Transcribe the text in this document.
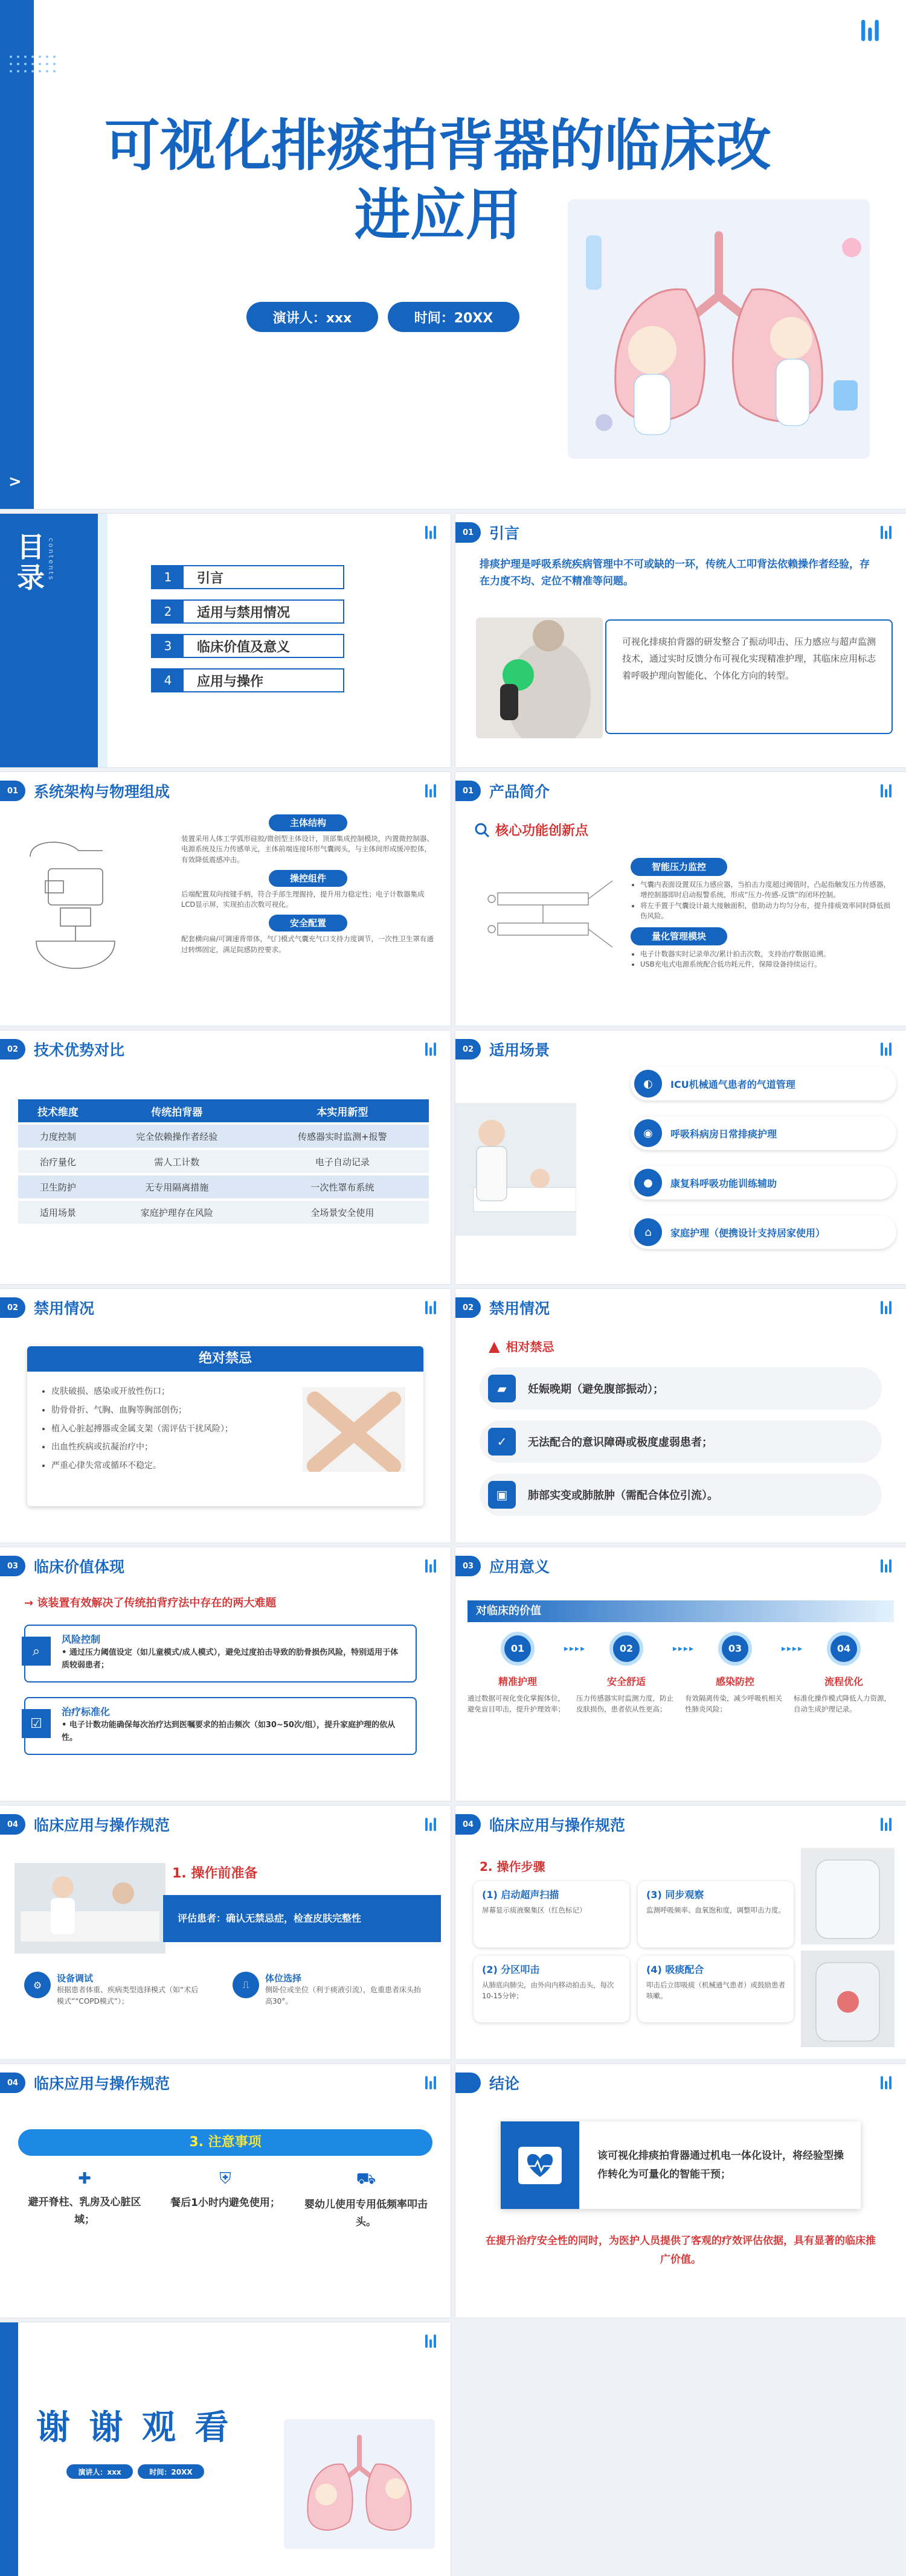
>
可视化排痰拍背器的临床改
进应用
演讲人：xxx	时间：20XX
目录 contents	1	引言
2	适用与禁用情况
3	临床价值及意义
4	应用与操作
01	引言
排痰护理是呼吸系统疾病管理中不可或缺的一环，传统人工叩背法依赖操作者经验，存在力度不均、定位不精准等问题。
可视化排痰拍背器的研发整合了振动叩击、压力感应与超声监测技术，通过实时反馈分布可视化实现精准护理，其临床应用标志着呼吸护理向智能化、个体化方向的转型。
01	系统架构与物理组成
主体结构
装置采用人体工学弧形硅胶/微创型主体设计，顶部集成控制模块，内置微控制器、电源系统及压力传感单元，主体前端连接环形气囊阀头，与主体间形成缓冲腔体，有效降低震感冲击。
操控组件
后端配置双向按键手柄，符合手部生理握持，提升用力稳定性；电子计数器集成LCD显示屏，实现拍击次数可视化。
安全配置
配套横向扁/可调速背带体，气门模式气囊充气口支持力度调节，一次性卫生罩有通过转绑固定，满足院感防控要求。
01	产品简介
核心功能创新点
智能压力监控
• 气囊内表面设置双压力感应器，当拍击力度超过阈值时，凸起指触发压力传感器，增控制器即时启动报警系统，形成“压力-传感-反馈”的闭环控制。
• 将左手置于气囊设计最大接触面积，借助动力均匀分布，提升排痰效率同时降低损伤风险。
量化管理模块
• 电子计数器实时记录单次/累计拍击次数，支持治疗数据追溯。
• USB充电式电源系统配合低功耗元件，保障设备持续运行。
02	技术优势对比
技术维度	传统拍背器	本实用新型
力度控制	完全依赖操作者经验	传感器实时监测+报警
治疗量化	需人工计数	电子自动记录
卫生防护	无专用隔离措施	一次性罩布系统
适用场景	家庭护理存在风险	全场景安全使用
02	适用场景
◐	ICU机械通气患者的气道管理
◉	呼吸科病房日常排痰护理
●	康复科呼吸功能训练辅助
⌂	家庭护理（便携设计支持居家使用）
02	禁用情况
绝对禁忌
• 皮肤破损、感染或开放性伤口；
• 肋骨骨折、气胸、血胸等胸部创伤；
• 植入心脏起搏器或金属支架（需评估干扰风险）；
• 出血性疾病或抗凝治疗中；
• 严重心律失常或循环不稳定。
02	禁用情况
▲ 相对禁忌
▰	妊娠晚期（避免腹部振动）；
✓	无法配合的意识障碍或极度虚弱患者；
▣	肺部实变或肺脓肿（需配合体位引流）。
03	临床价值体现
→ 该装置有效解决了传统拍背疗法中存在的两大难题
⌕
风险控制
• 通过压力阈值设定（如儿童模式/成人模式），避免过度拍击导致的肋骨损伤风险，特别适用于体质较弱患者；
☑
治疗标准化
• 电子计数功能确保每次治疗达到医嘱要求的拍击频次（如30~50次/组），提升家庭护理的依从性。
03	应用意义
对临床的价值
01
精准护理
通过数据可视化变化掌握体位，避免盲目叩击，提升护理效率；
02
安全舒适
压力传感器实时监测力度，防止皮肤损伤，患者依从性更高；
03
感染防控
有效隔离传染，减少呼吸机相关性肺炎风险；
04
流程优化
标准化操作模式降低人力资源，自动生成护理记录。
▸▸▸▸	▸▸▸▸	▸▸▸▸
04	临床应用与操作规范
1. 操作前准备
评估患者：确认无禁忌症，检查皮肤完整性
⚙
设备调试
根据患者体重、疾病类型选择模式（如“术后模式”“COPD模式”）；
⎍
体位选择
侧卧位或坐位（利于痰液引流），危重患者床头抬高30°。
04	临床应用与操作规范
2. 操作步骤
(1) 启动超声扫描
屏幕显示痰液聚集区（红色标记）
(3) 同步观察
监测呼吸频率、血氧饱和度，调整叩击力度。
(2) 分区叩击
从肺底向肺尖，由外向内移动拍击头，每次10-15分钟；
(4) 吸痰配合
叩击后立即吸痰（机械通气患者）或鼓励患者咳嗽。
04	临床应用与操作规范
3. 注意事项
✚
避开脊柱、乳房及心脏区域；
⛨
餐后1小时内避免使用；
⛟
婴幼儿使用专用低频率叩击头。
结论
该可视化排痰拍背器通过机电一体化设计，将经验型操作转化为可量化的智能干预；
在提升治疗安全性的同时，为医护人员提供了客观的疗效评估依据，具有显著的临床推广价值。
谢 谢 观 看
演讲人：xxx	时间：20XX
